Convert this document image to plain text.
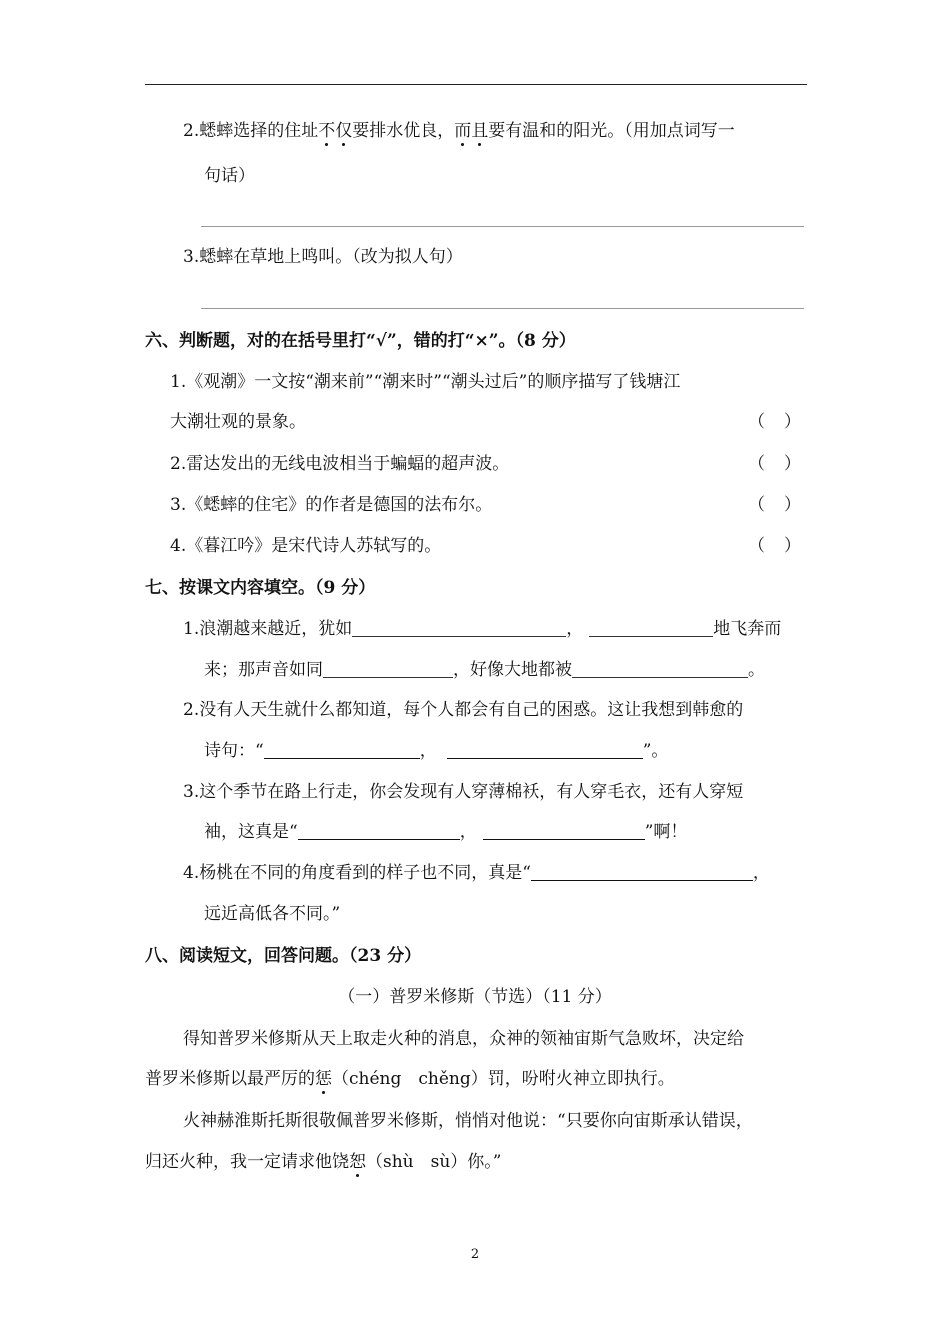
2.蟋蟀选择的住址不仅要排水优良，而且要有温和的阳光。（用加点词写一
句话）
3.蟋蟀在草地上鸣叫。（改为拟人句）
六、判断题，对的在括号里打“√”，错的打“×”。（8 分）
1.《观潮》一文按“潮来前”“潮来时”“潮头过后”的顺序描写了钱塘江
大潮壮观的景象。	（ ）
2.雷达发出的无线电波相当于蝙蝠的超声波。	（ ）
3.《蟋蟀的住宅》的作者是德国的法布尔。	（ ）
4.《暮江吟》是宋代诗人苏轼写的。	（ ）
七、按课文内容填空。（9 分）
1.浪潮越来越近，犹如	，	地飞奔而
来；那声音如同	，好像大地都被	。
2.没有人天生就什么都知道，每个人都会有自己的困惑。这让我想到韩愈的
诗句：“	，	”。
3.这个季节在路上行走，你会发现有人穿薄棉袄，有人穿毛衣，还有人穿短
袖，这真是“	，	”啊！
4.杨桃在不同的角度看到的样子也不同，真是“	，
远近高低各不同。”
八、阅读短文，回答问题。（23 分）
（一）普罗米修斯（节选）（11 分）
得知普罗米修斯从天上取走火种的消息，众神的领袖宙斯气急败坏，决定给
普罗米修斯以最严厉的惩（chéng　chěng）罚，吩咐火神立即执行。
火神赫淮斯托斯很敬佩普罗米修斯，悄悄对他说：“只要你向宙斯承认错误，
归还火种，我一定请求他饶恕（shù　sù）你。”
2
